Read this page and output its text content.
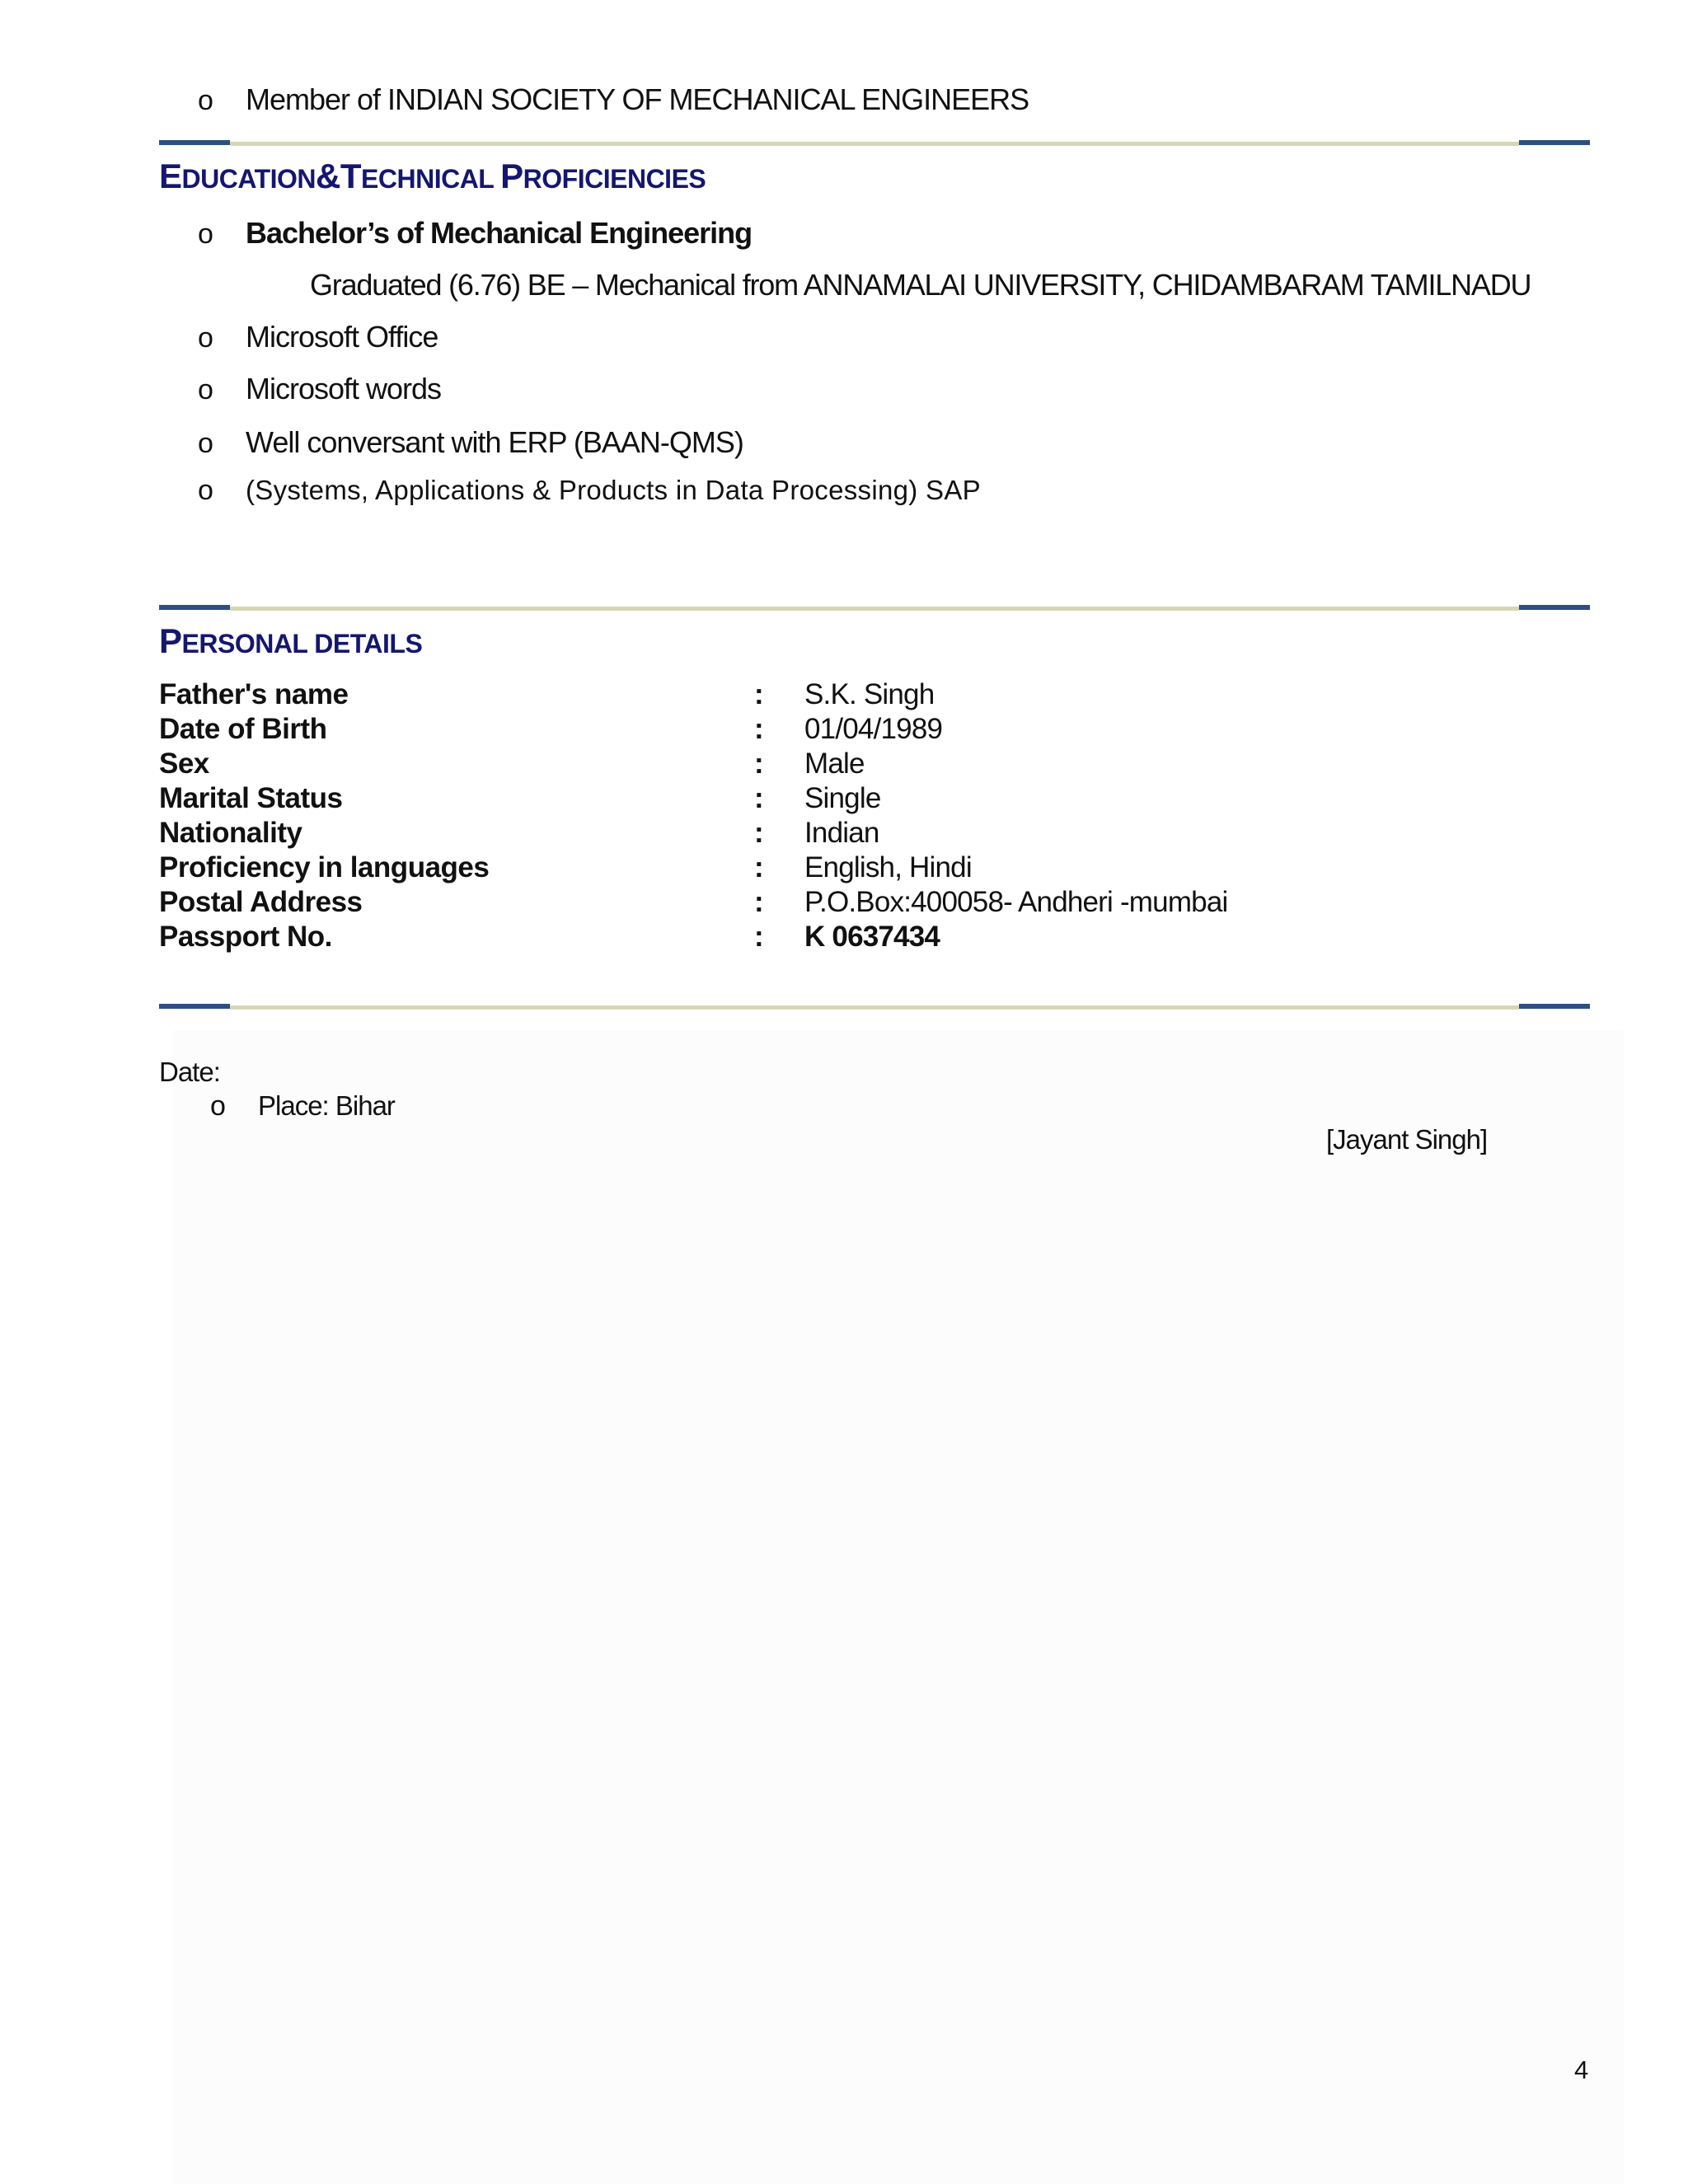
o	Member of INDIAN SOCIETY OF MECHANICAL ENGINEERS
EDUCATION&TECHNICAL PROFICIENCIES
o	Bachelor’s of Mechanical Engineering
Graduated (6.76) BE – Mechanical from ANNAMALAI UNIVERSITY, CHIDAMBARAM TAMILNADU
o	Microsoft Office
o	Microsoft words
o	Well conversant with ERP (BAAN-QMS)
o	(Systems, Applications & Products in Data Processing) SAP
PERSONAL DETAILS
Father's name	: S.K. Singh
Date of Birth	: 01/04/1989
Sex	: Male
Marital Status	: Single
Nationality	: Indian
Proficiency in languages	: English, Hindi
Postal Address	: P.O.Box:400058- Andheri -mumbai
Passport No.	: K 0637434
Date:
o	Place: Bihar
[Jayant Singh]
4
